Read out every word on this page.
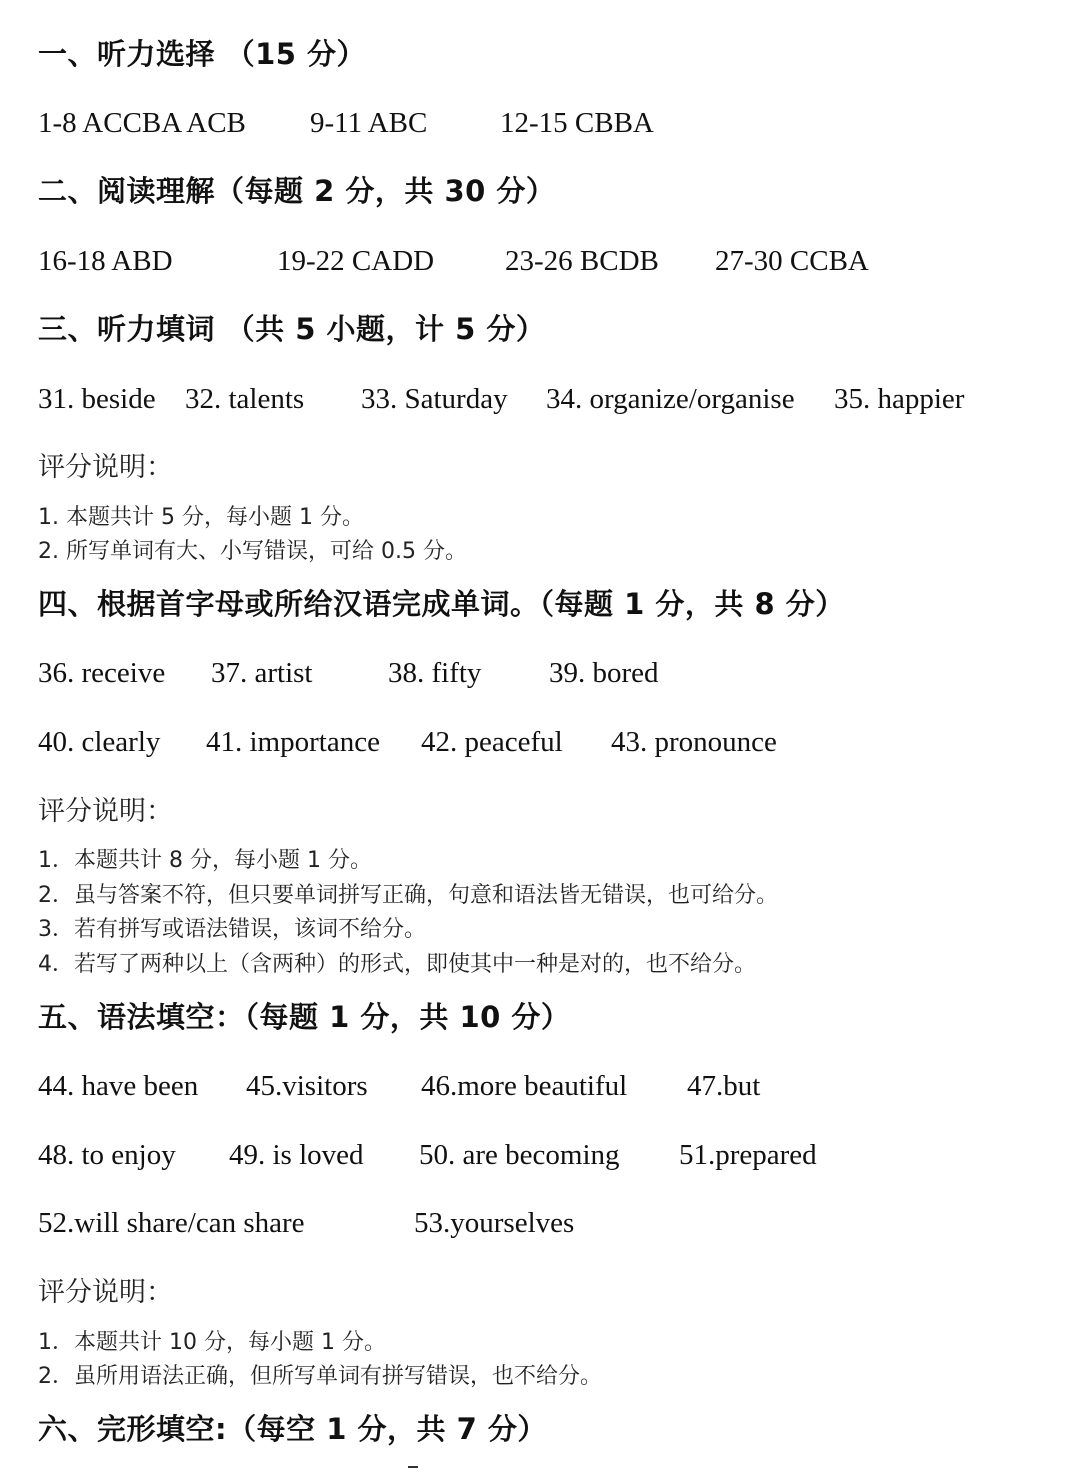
一、听力选择 （15 分）
1-8 ACCBA ACB 9-11 ABC	12-15 CBBA
二、阅读理解（每题 2 分，共 30 分）
16-18 ABD	19-22 CADD 23-26 BCDB 27-30 CCBA
三、听力填词 （共 5 小题，计 5 分）
31. beside 32. talents 33. Saturday 34. organize/organise 35. happier
评分说明：
1. 本题共计 5 分，每小题 1 分。
2. 所写单词有大、小写错误，可给 0.5 分。
四、根据首字母或所给汉语完成单词。（每题 1 分，共 8 分）
36. receive 37. artist	38. fifty 39. bored
40. clearly 41. importance 42. peaceful 43. pronounce
评分说明：
1．本题共计 8 分，每小题 1 分。
2．虽与答案不符，但只要单词拼写正确，句意和语法皆无错误，也可给分。
3．若有拼写或语法错误，该词不给分。
4．若写了两种以上（含两种）的形式，即使其中一种是对的，也不给分。
五、语法填空：（每题 1 分，共 10 分）
44. have been 45.visitors 46.more beautiful 47.but
48. to enjoy 49. is loved 50. are becoming 51.prepared
52.will share/can share	53.yourselves
评分说明：
1．本题共计 10 分，每小题 1 分。
2．虽所用语法正确，但所写单词有拼写错误，也不给分。
六、完形填空:（每空 1 分，共 7 分）
